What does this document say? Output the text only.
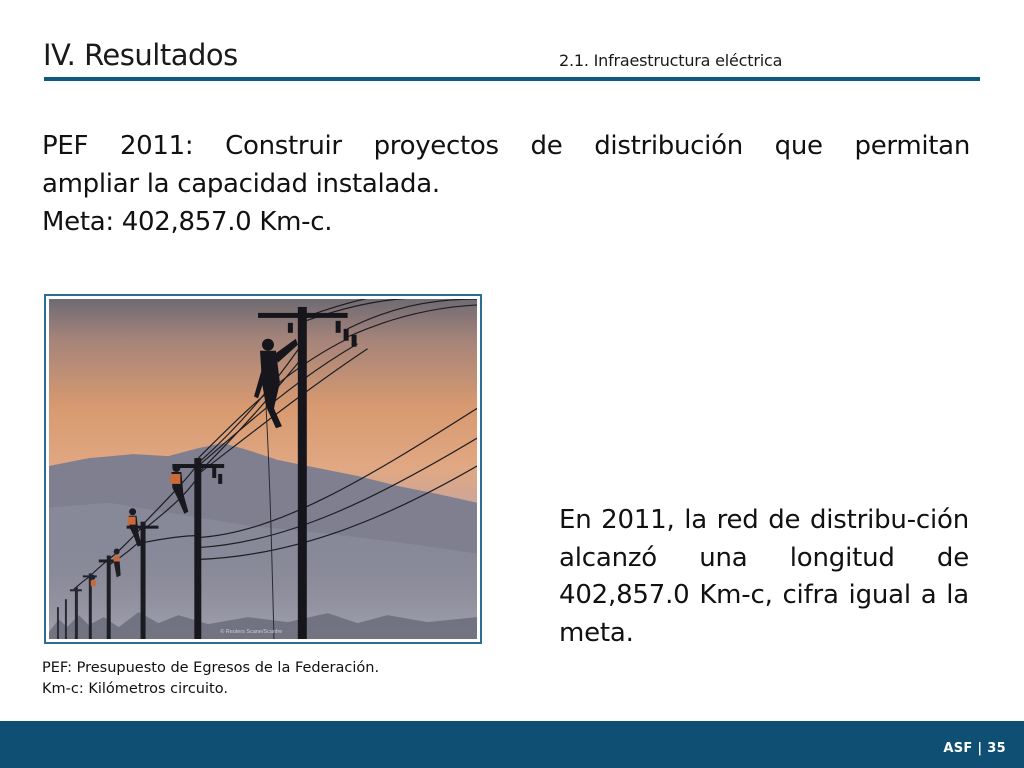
IV. Resultados	2.1. Infraestructura eléctrica

PEF 2011: Construir proyectos de distribución que permitan
ampliar la capacidad instalada.

Meta: 402,857.0 Km-c.
© Reuters Scane/Scanfre
PEF: Presupuesto de Egresos de la Federación.
Km-c: Kilómetros circuito.
En 2011, la red de distribu-ción alcanzó una longitud de 402,857.0 Km-c, cifra igual a la meta.
ASF | 35
